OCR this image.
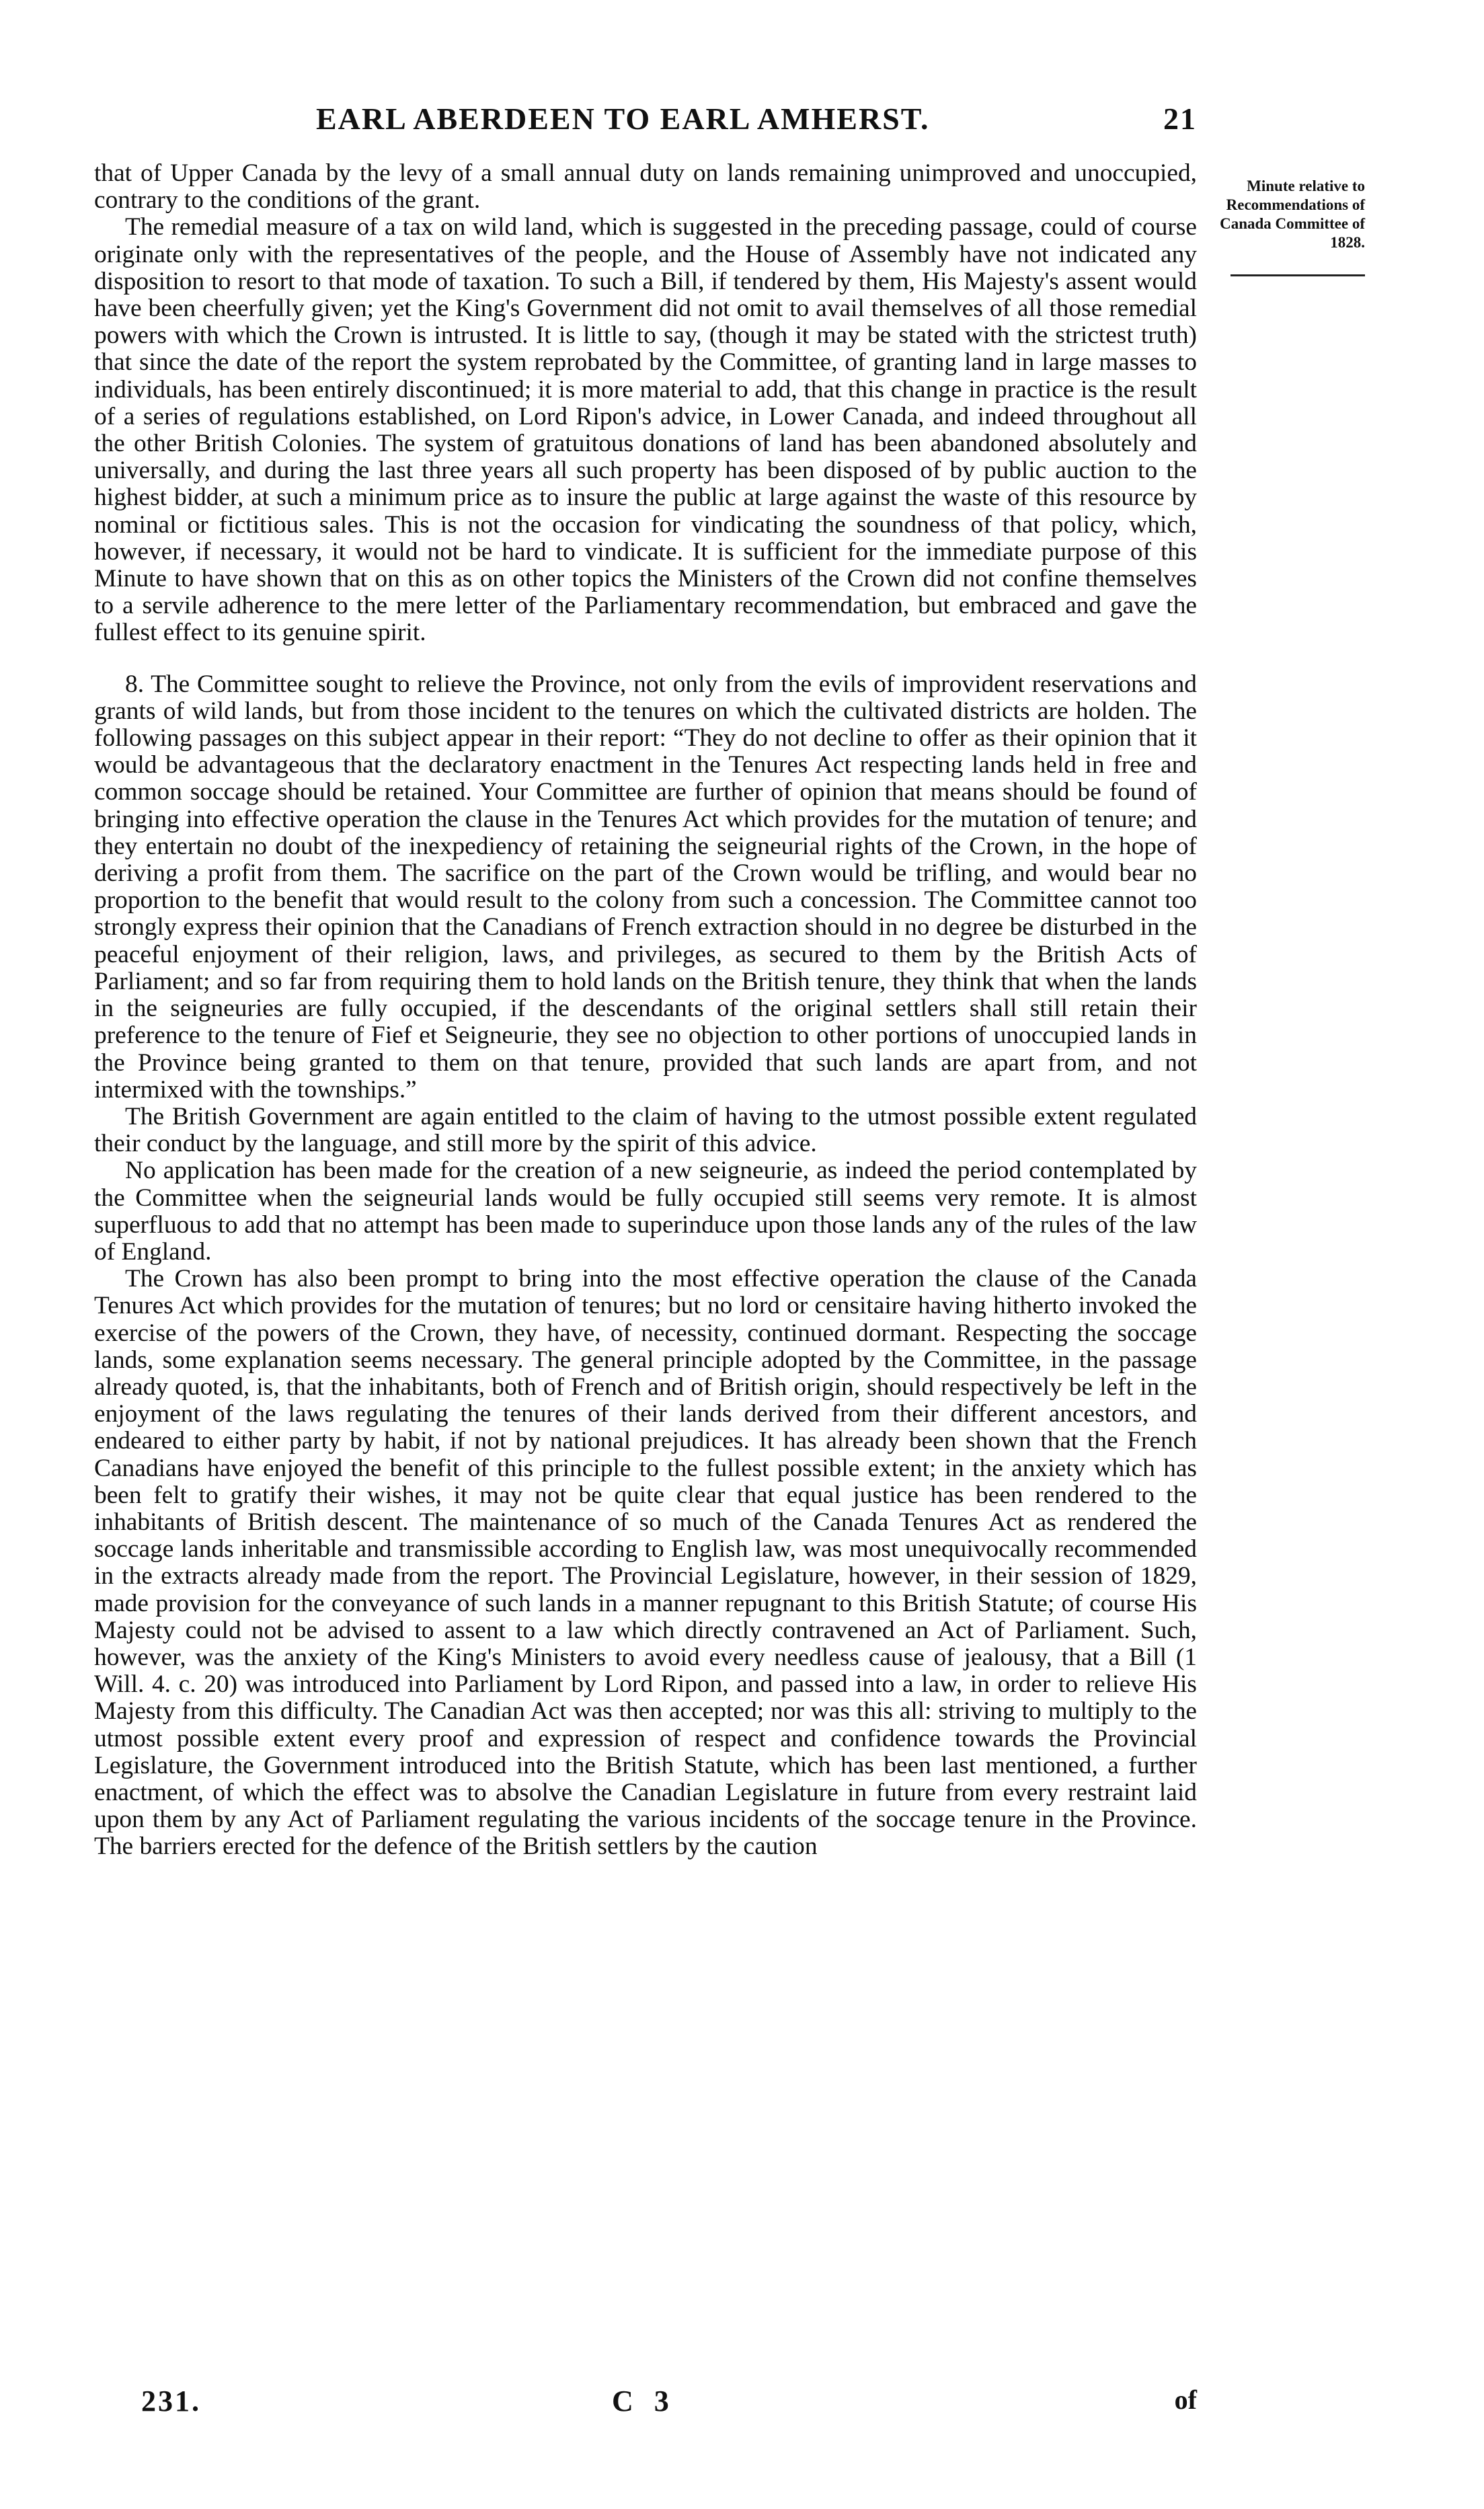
EARL ABERDEEN TO EARL AMHERST.	21
Minute relative to Recommendations of Canada Committee of 1828.

that of Upper Canada by the levy of a small annual duty on lands remaining unimproved and unoccupied, contrary to the conditions of the grant.

The remedial measure of a tax on wild land, which is suggested in the preceding passage, could of course originate only with the representatives of the people, and the House of Assembly have not indicated any disposition to resort to that mode of taxation. To such a Bill, if tendered by them, His Majesty's assent would have been cheerfully given; yet the King's Government did not omit to avail themselves of all those remedial powers with which the Crown is intrusted. It is little to say, (though it may be stated with the strictest truth) that since the date of the report the system reprobated by the Committee, of granting land in large masses to individuals, has been entirely discontinued; it is more material to add, that this change in practice is the result of a series of regulations established, on Lord Ripon's advice, in Lower Canada, and indeed throughout all the other British Colonies. The system of gratuitous donations of land has been abandoned absolutely and universally, and during the last three years all such property has been disposed of by public auction to the highest bidder, at such a minimum price as to insure the public at large against the waste of this resource by nominal or fictitious sales. This is not the occasion for vindicating the soundness of that policy, which, however, if necessary, it would not be hard to vindicate. It is sufficient for the immediate purpose of this Minute to have shown that on this as on other topics the Ministers of the Crown did not confine themselves to a servile adherence to the mere letter of the Parliamentary recommendation, but embraced and gave the fullest effect to its genuine spirit.

8. The Committee sought to relieve the Province, not only from the evils of improvident reservations and grants of wild lands, but from those incident to the tenures on which the cultivated districts are holden. The following passages on this subject appear in their report: “They do not decline to offer as their opinion that it would be advantageous that the declaratory enactment in the Tenures Act respecting lands held in free and common soccage should be retained. Your Committee are further of opinion that means should be found of bringing into effective operation the clause in the Tenures Act which provides for the mutation of tenure; and they entertain no doubt of the inexpediency of retaining the seigneurial rights of the Crown, in the hope of deriving a profit from them. The sacrifice on the part of the Crown would be trifling, and would bear no proportion to the benefit that would result to the colony from such a concession. The Committee cannot too strongly express their opinion that the Canadians of French extraction should in no degree be disturbed in the peaceful enjoyment of their religion, laws, and privileges, as secured to them by the British Acts of Parliament; and so far from requiring them to hold lands on the British tenure, they think that when the lands in the seigneuries are fully occupied, if the descendants of the original settlers shall still retain their preference to the tenure of Fief et Seigneurie, they see no objection to other portions of unoccupied lands in the Province being granted to them on that tenure, provided that such lands are apart from, and not intermixed with the townships.”

The British Government are again entitled to the claim of having to the utmost possible extent regulated their conduct by the language, and still more by the spirit of this advice.

No application has been made for the creation of a new seigneurie, as indeed the period contemplated by the Committee when the seigneurial lands would be fully occupied still seems very remote. It is almost superfluous to add that no attempt has been made to superinduce upon those lands any of the rules of the law of England.

The Crown has also been prompt to bring into the most effective operation the clause of the Canada Tenures Act which provides for the mutation of tenures; but no lord or censitaire having hitherto invoked the exercise of the powers of the Crown, they have, of necessity, continued dormant. Respecting the soccage lands, some explanation seems necessary. The general principle adopted by the Committee, in the passage already quoted, is, that the inhabitants, both of French and of British origin, should respectively be left in the enjoyment of the laws regulating the tenures of their lands derived from their different ancestors, and endeared to either party by habit, if not by national prejudices. It has already been shown that the French Canadians have enjoyed the benefit of this principle to the fullest possible extent; in the anxiety which has been felt to gratify their wishes, it may not be quite clear that equal justice has been rendered to the inhabitants of British descent. The maintenance of so much of the Canada Tenures Act as rendered the soccage lands inheritable and transmissible according to English law, was most unequivocally recommended in the extracts already made from the report. The Provincial Legislature, however, in their session of 1829, made provision for the conveyance of such lands in a manner repugnant to this British Statute; of course His Majesty could not be advised to assent to a law which directly contravened an Act of Parliament. Such, however, was the anxiety of the King's Ministers to avoid every needless cause of jealousy, that a Bill (1 Will. 4. c. 20) was introduced into Parliament by Lord Ripon, and passed into a law, in order to relieve His Majesty from this difficulty. The Canadian Act was then accepted; nor was this all: striving to multiply to the utmost possible extent every proof and expression of respect and confidence towards the Provincial Legislature, the Government introduced into the British Statute, which has been last mentioned, a further enactment, of which the effect was to absolve the Canadian Legislature in future from every restraint laid upon them by any Act of Parliament regulating the various incidents of the soccage tenure in the Province. The barriers erected for the defence of the British settlers by the caution

231.	C 3	of
